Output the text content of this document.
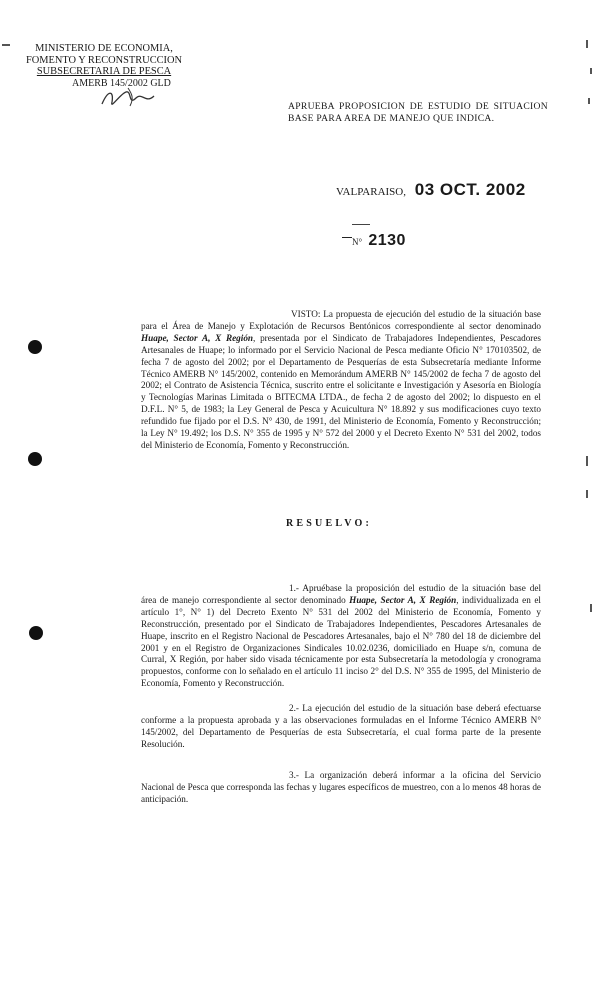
MINISTERIO DE ECONOMIA,
FOMENTO Y RECONSTRUCCION
SUBSECRETARIA DE PESCA
AMERB 145/2002 GLD
APRUEBA PROPOSICION DE ESTUDIO DE SITUACION BASE PARA AREA DE MANEJO QUE INDICA.
VALPARAISO, 03 OCT. 2002
N° 2130
VISTO: La propuesta de ejecución del estudio de la situación base para el Área de Manejo y Explotación de Recursos Bentónicos correspondiente al sector denominado Huape, Sector A, X Región, presentada por el Sindicato de Trabajadores Independientes, Pescadores Artesanales de Huape; lo informado por el Servicio Nacional de Pesca mediante Oficio N° 170103502, de fecha 7 de agosto del 2002; por el Departamento de Pesquerías de esta Subsecretaría mediante Informe Técnico AMERB N° 145/2002, contenido en Memorándum AMERB N° 145/2002 de fecha 7 de agosto del 2002; el Contrato de Asistencia Técnica, suscrito entre el solicitante e Investigación y Asesoría en Biología y Tecnologías Marinas Limitada o BITECMA LTDA., de fecha 2 de agosto del 2002; lo dispuesto en el D.F.L. N° 5, de 1983; la Ley General de Pesca y Acuicultura N° 18.892 y sus modificaciones cuyo texto refundido fue fijado por el D.S. N° 430, de 1991, del Ministerio de Economía, Fomento y Reconstrucción; la Ley N° 19.492; los D.S. N° 355 de 1995 y N° 572 del 2000 y el Decreto Exento N° 531 del 2002, todos del Ministerio de Economía, Fomento y Reconstrucción.
RESUELVO:
1.- Apruébase la proposición del estudio de la situación base del área de manejo correspondiente al sector denominado Huape, Sector A, X Región, individualizada en el artículo 1°, N° 1) del Decreto Exento N° 531 del 2002 del Ministerio de Economía, Fomento y Reconstrucción, presentado por el Sindicato de Trabajadores Independientes, Pescadores Artesanales de Huape, inscrito en el Registro Nacional de Pescadores Artesanales, bajo el N° 780 del 18 de diciembre del 2001 y en el Registro de Organizaciones Sindicales 10.02.0236, domiciliado en Huape s/n, comuna de Curral, X Región, por haber sido visada técnicamente por esta Subsecretaría la metodología y cronograma propuestos, conforme con lo señalado en el artículo 11 inciso 2° del D.S. N° 355 de 1995, del Ministerio de Economía, Fomento y Reconstrucción.
2.- La ejecución del estudio de la situación base deberá efectuarse conforme a la propuesta aprobada y a las observaciones formuladas en el Informe Técnico AMERB N° 145/2002, del Departamento de Pesquerías de esta Subsecretaría, el cual forma parte de la presente Resolución.
3.- La organización deberá informar a la oficina del Servicio Nacional de Pesca que corresponda las fechas y lugares específicos de muestreo, con a lo menos 48 horas de anticipación.
